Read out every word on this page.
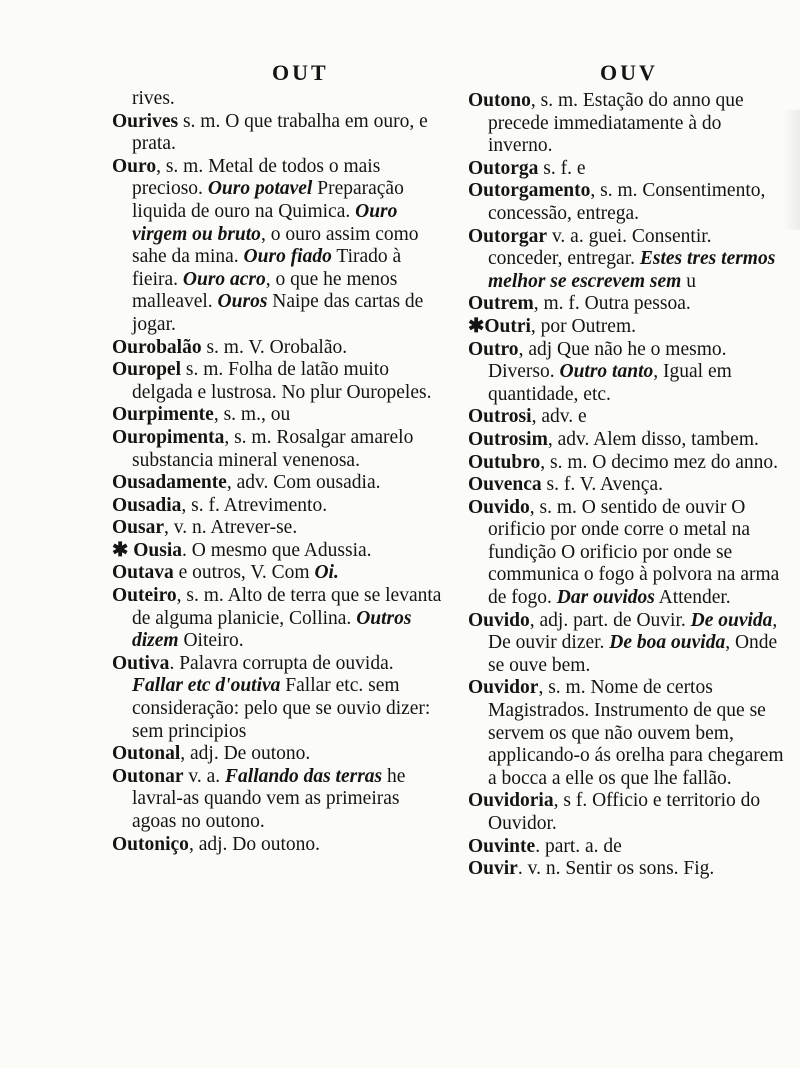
OUT	OUV

rives.

Ourives s. m. O que trabalha em ouro, e prata.

Ouro, s. m. Metal de todos o mais precioso. Ouro potavel Preparação liquida de ouro na Quimica. Ouro virgem ou bruto, o ouro assim como sahe da mina. Ouro fiado Tirado à fieira. Ouro acro, o que he menos malleavel. Ouros Naipe das cartas de jogar.

Ourobalão s. m. V. Orobalão.

Ouropel s. m. Folha de latão muito delgada e lustrosa. No plur Ouropeles.

Ourpimente, s. m., ou

Ouropimenta, s. m. Rosalgar amarelo substancia mineral venenosa.

Ousadamente, adv. Com ousadia.

Ousadia, s. f. Atrevimento.

Ousar, v. n. Atrever-se.

✱ Ousia. O mesmo que Adussia.

Outava e outros, V. Com Oi.

Outeiro, s. m. Alto de terra que se levanta de alguma planicie, Collina. Outros dizem Oiteiro.

Outiva. Palavra corrupta de ouvida. Fallar etc d'outiva Fallar etc. sem consideração: pelo que se ouvio dizer: sem principios

Outonal, adj. De outono.

Outonar v. a. Fallando das terras he lavral-as quando vem as primeiras agoas no outono.

Outoniço, adj. Do outono.

Outono, s. m. Estação do anno que precede immediatamente à do inverno.

Outorga s. f. e

Outorgamento, s. m. Consentimento, concessão, entrega.

Outorgar v. a. guei. Consentir. conceder, entregar. Estes tres termos melhor se escrevem sem u

Outrem, m. f. Outra pessoa.

✱Outri, por Outrem.

Outro, adj Que não he o mesmo. Diverso. Outro tanto, Igual em quantidade, etc.

Outrosi, adv. e

Outrosim, adv. Alem disso, tambem.

Outubro, s. m. O decimo mez do anno.

Ouvenca s. f. V. Avença.

Ouvido, s. m. O sentido de ouvir O orificio por onde corre o metal na fundição O orificio por onde se communica o fogo à polvora na arma de fogo. Dar ouvidos Attender.

Ouvido, adj. part. de Ouvir. De ouvida, De ouvir dizer. De boa ouvida, Onde se ouve bem.

Ouvidor, s. m. Nome de certos Magistrados. Instrumento de que se servem os que não ouvem bem, applicando-o ás orelha para chegarem a bocca a elle os que lhe fallão.

Ouvidoria, s f. Officio e territorio do Ouvidor.

Ouvinte. part. a. de

Ouvir. v. n. Sentir os sons. Fig.
